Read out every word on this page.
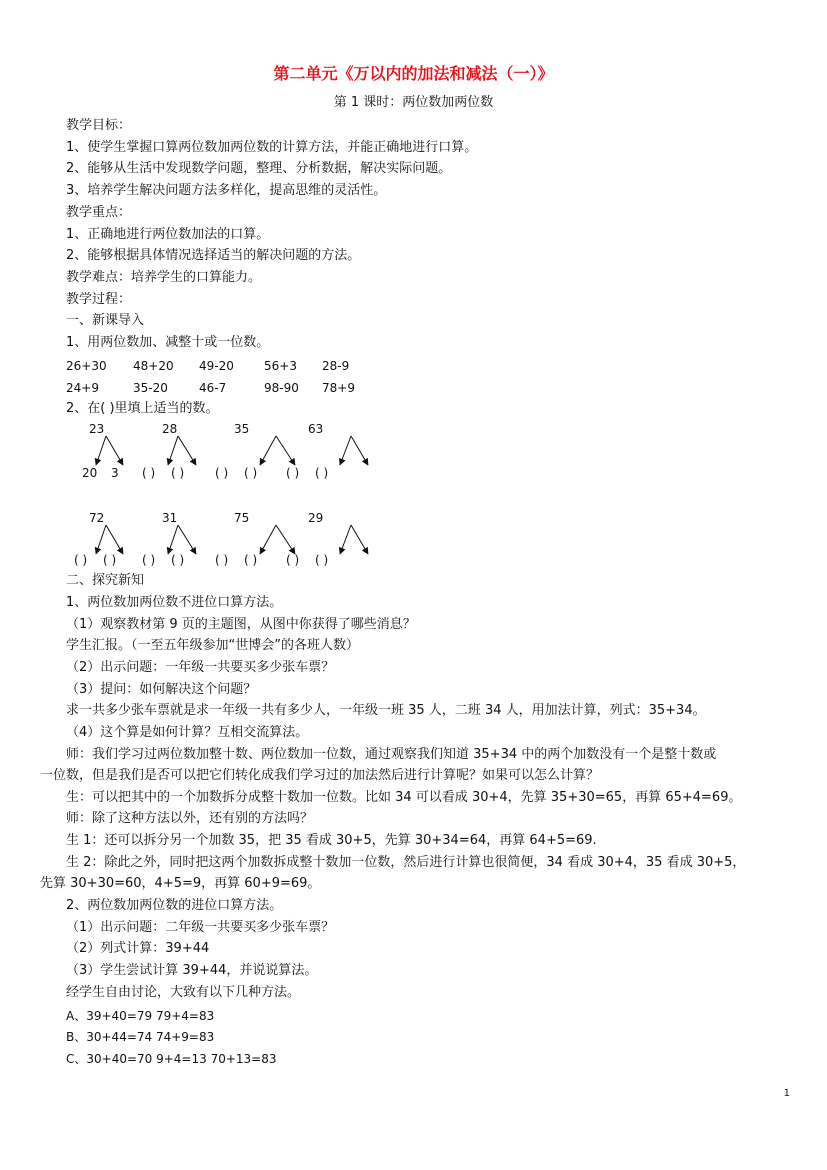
第二单元《万以内的加法和减法（一）》
第 1 课时：两位数加两位数
教学目标：
1、使学生掌握口算两位数加两位数的计算方法，并能正确地进行口算。
2、能够从生活中发现数学问题，整理、分析数据，解决实际问题。
3、培养学生解决问题方法多样化，提高思维的灵活性。
教学重点：
1、正确地进行两位数加法的口算。
2、能够根据具体情况选择适当的解决问题的方法。
教学难点：培养学生的口算能力。
教学过程：
一、新课导入
1、用两位数加、减整十或一位数。
26+30 48+20 49-20	56+3 28-9
24+9	35-20	46-7	98-90 78+9
2、在( )里填上适当的数。
23	28	35	63
20 3 ( ) ( )	( ) ( ) ( ) ( )
72	31	75	29
( ) ( ) ( ) ( )	( ) ( ) ( ) ( )
二、探究新知
1、两位数加两位数不进位口算方法。
（1）观察教材第 9 页的主题图，从图中你获得了哪些消息？
学生汇报。（一至五年级参加“世博会”的各班人数）
（2）出示问题：一年级一共要买多少张车票？
（3）提问：如何解决这个问题？
求一共多少张车票就是求一年级一共有多少人，一年级一班 35 人，二班 34 人，用加法计算，列式：35+34。
（4）这个算是如何计算？互相交流算法。
师：我们学习过两位数加整十数、两位数加一位数，通过观察我们知道 35+34 中的两个加数没有一个是整十数或
一位数，但是我们是否可以把它们转化成我们学习过的加法然后进行计算呢？如果可以怎么计算？
生：可以把其中的一个加数拆分成整十数加一位数。比如 34 可以看成 30+4，先算 35+30=65，再算 65+4=69。
师：除了这种方法以外，还有别的方法吗？
生 1：还可以拆分另一个加数 35，把 35 看成 30+5，先算 30+34=64，再算 64+5=69.
生 2：除此之外，同时把这两个加数拆成整十数加一位数，然后进行计算也很简便，34 看成 30+4，35 看成 30+5，
先算 30+30=60，4+5=9，再算 60+9=69。
2、两位数加两位数的进位口算方法。
（1）出示问题：二年级一共要买多少张车票？
（2）列式计算：39+44
（3）学生尝试计算 39+44，并说说算法。
经学生自由讨论，大致有以下几种方法。
A、39+40=79 79+4=83
B、30+44=74 74+9=83
C、30+40=70 9+4=13 70+13=83
1
